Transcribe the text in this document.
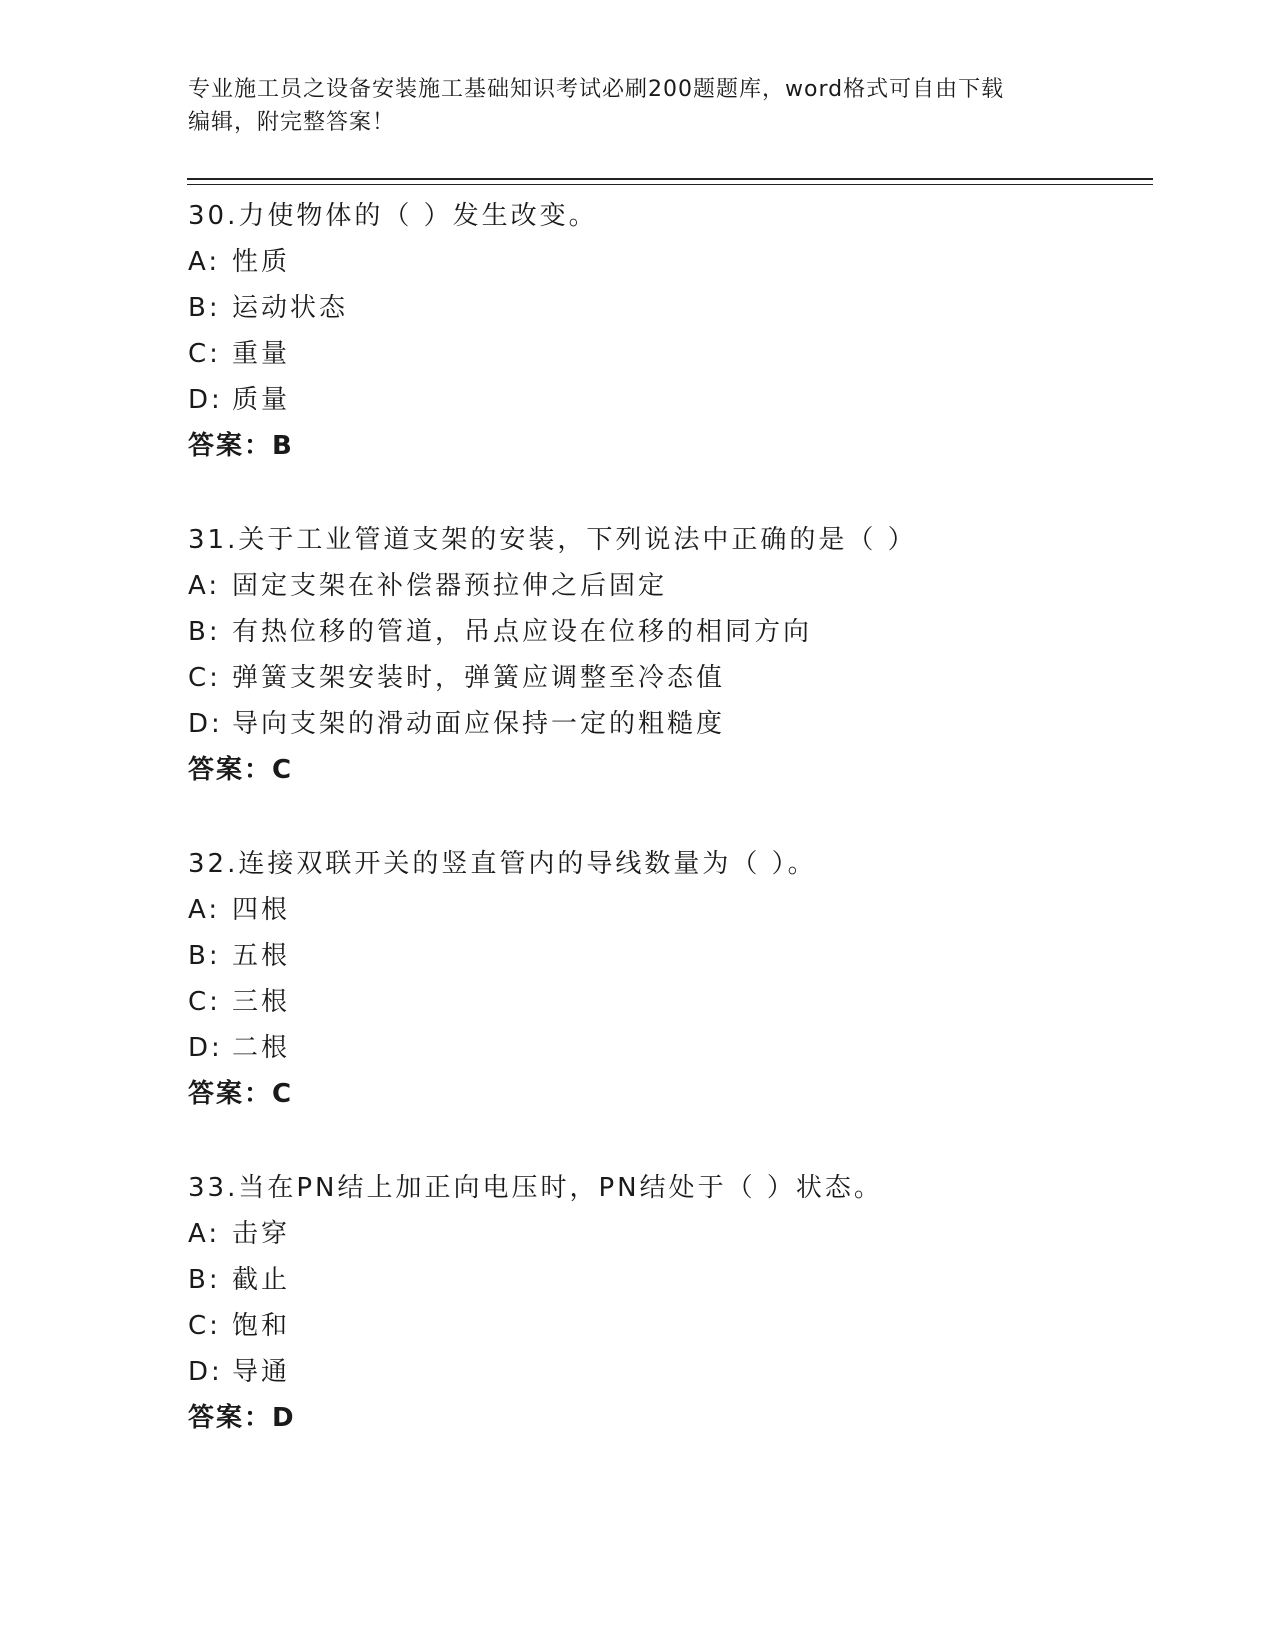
专业施工员之设备安装施工基础知识考试必刷200题题库，word格式可自由下载
编辑，附完整答案！
30.力使物体的（ ）发生改变。
A: 性质
B: 运动状态
C: 重量
D: 质量
答案：B
31.关于工业管道支架的安装，下列说法中正确的是（ ）
A: 固定支架在补偿器预拉伸之后固定
B: 有热位移的管道，吊点应设在位移的相同方向
C: 弹簧支架安装时，弹簧应调整至冷态值
D: 导向支架的滑动面应保持一定的粗糙度
答案：C
32.连接双联开关的竖直管内的导线数量为（ ）。
A: 四根
B: 五根
C: 三根
D: 二根
答案：C
33.当在PN结上加正向电压时，PN结处于（ ）状态。
A: 击穿
B: 截止
C: 饱和
D: 导通
答案：D
